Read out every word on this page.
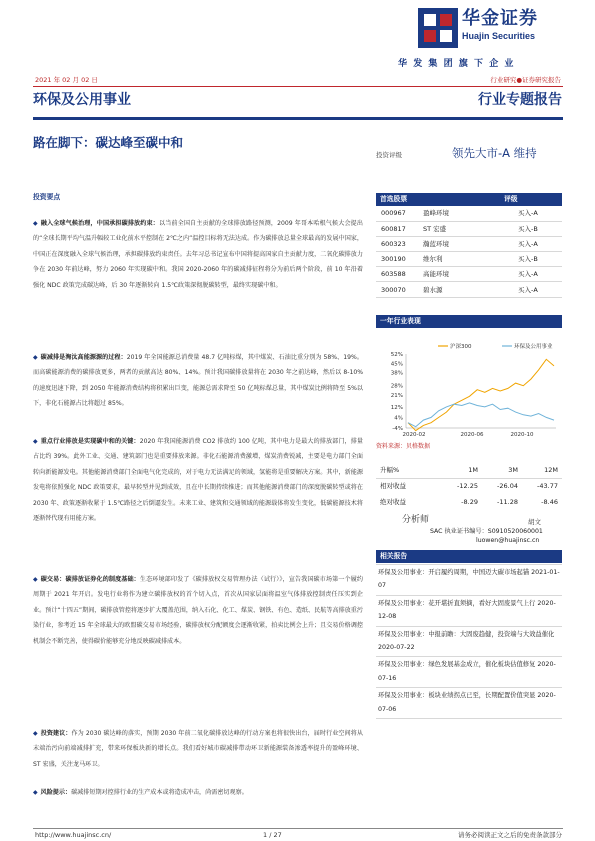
华金证券
Huajin Securities
华发集团旗下企业
2021 年 02 月 02 日	行业研究●证券研究报告
环保及公用事业	行业专题报告
路在脚下：碳达峰至碳中和
投资评级	领先大市-A 维持
投资要点
◆ 融入全球气候治理，中国承担碳排放约束：以当前全国自主贡献的全球排放路径预测，2009 年哥本哈根气候大会提出的“全球长期平均气温升幅较工业化前水平控制在 2℃之内”温控目标将无法达成。作为碳排放总量全球最高的发展中国家，中国正在深度融入全球气候治理，承担碳排放约束责任。去年习总书记宣布中国将提高国家自主贡献力度，二氧化碳排放力争在 2030 年前达峰，努力 2060 年实现碳中和。我国 2020-2060 年的碳减排征程将分为前后两个阶段，前 10 年沿着强化 NDC 政策完成碳达峰，后 30 年逐渐转向 1.5℃政策深彻脱碳转型，最终实现碳中和。
◆ 碳减排是淘汰高能源源的过程：2019 年全国能源总消费量 48.7 亿吨标煤，其中煤炭、石油比重分别为 58%、19%。而高碳能源消费的碳排放更多，两者的贡献高达 80%、14%。预计我国碳排放量将在 2030 年之前达峰，然后以 8-10% 的速度迅速下降，到 2050 年能源消费结构将积累出巨变，能源总需求降至 50 亿吨标煤总量，其中煤炭比例将降至 5%以下，非化石能源占比将超过 85%。
◆ 重点行业排放是实现碳中和的关键：2020 年我国能源消费 CO2 排放约 100 亿吨，其中电力是最大的排放部门，排量占比约 39%。此外工业、交通、建筑部门也是重要排放来源。非化石能源消费激增，煤炭消费锐减，主要是电力部门全面转向新能源发电。其他能源消费部门全面电气化完成的，对于电力无法满足的领域，氢能将是重要解决方案。其中，新能源发电将依照强化 NDC 政策要求，最早转型并见到成效，且在中长期持续推进；而其他能源消费部门的深度脱碳转型或将在 2030 年、政策逐渐收紧于 1.5℃路径之后倒逼发生。未来工业、建筑和交通领域的能源载体将发生变化，低碳能源技术将逐渐替代现有用能方案。
◆ 碳交易：碳排放证券化的制度基础：生态环境部印发了《碳排放权交易管理办法（试行）》，宣告我国碳市场第一个履约周期于 2021 年开启。发电行业将作为建立碳排放权的首个切入点，首次从国家层面将温室气体排放控制责任压实到企业。预计“十四五”期间，碳排放管控将逐步扩大覆盖范围，纳入石化、化工、煤炭、钢铁、有色、造纸、民航等高排放重污染行业，参考近 15 年全球最大的欧盟碳交易市场经验，碳排放权分配额度会逐渐收紧，拍卖比例会上升；且交易价格调控机制会不断完善，使得碳价能够充分地反映碳减排成本。
◆ 投资建议：作为 2030 碳达峰的落实，预期 2030 年前二氧化碳排放达峰的行动方案也将很快出台，届时行业空间将从末端治污向前端减排扩充，带来环保板块新的增长点。我们看好城市碳减排带动环卫新能源装备渗透率提升的盈峰环境、ST 宏盛，关注龙马环卫。
◆ 风险提示：碳减排短期对控排行业的生产成本或将造成冲击，尚需密切观察。
首选股票	评级
000967	盈峰环境	买入-A
600817	ST 宏盛	买入-B
600323	瀚蓝环境	买入-A
300190	维尔利	买入-B
603588	高能环境	买入-A
300070	碧水源	买入-A
一年行业表现
52%
45%
38%
28%
21%
12%
4%
-4%
2020-02	2020-06	2020-10
沪深300	环保及公用事业
资料来源：贝格数据
升幅%	1M	3M	12M
相对收益	-12.25	-26.04	-43.77
绝对收益	-8.29	-11.28	-8.46
分析师	胡文
SAC 执业证书编号：S0910520060001
luowen@huajinsc.cn
相关报告
环保及公用事业：开启履约周期，中国迈大碳市场起锚 2021-01-07
环保及公用事业：花开堪折直须摘，看好大固废景气上行 2020-12-08
环保及公用事业：中报前瞻：大固废趋健，投资端与大效益催化 2020-07-22
环保及公用事业：绿色发展基金成立，催化板块估值修复 2020-07-16
环保及公用事业：板块业绩拐点已至，长期配置价值突显 2020-07-06
http://www.huajinsc.cn/	1 / 27	请务必阅读正文之后的免责条款部分
